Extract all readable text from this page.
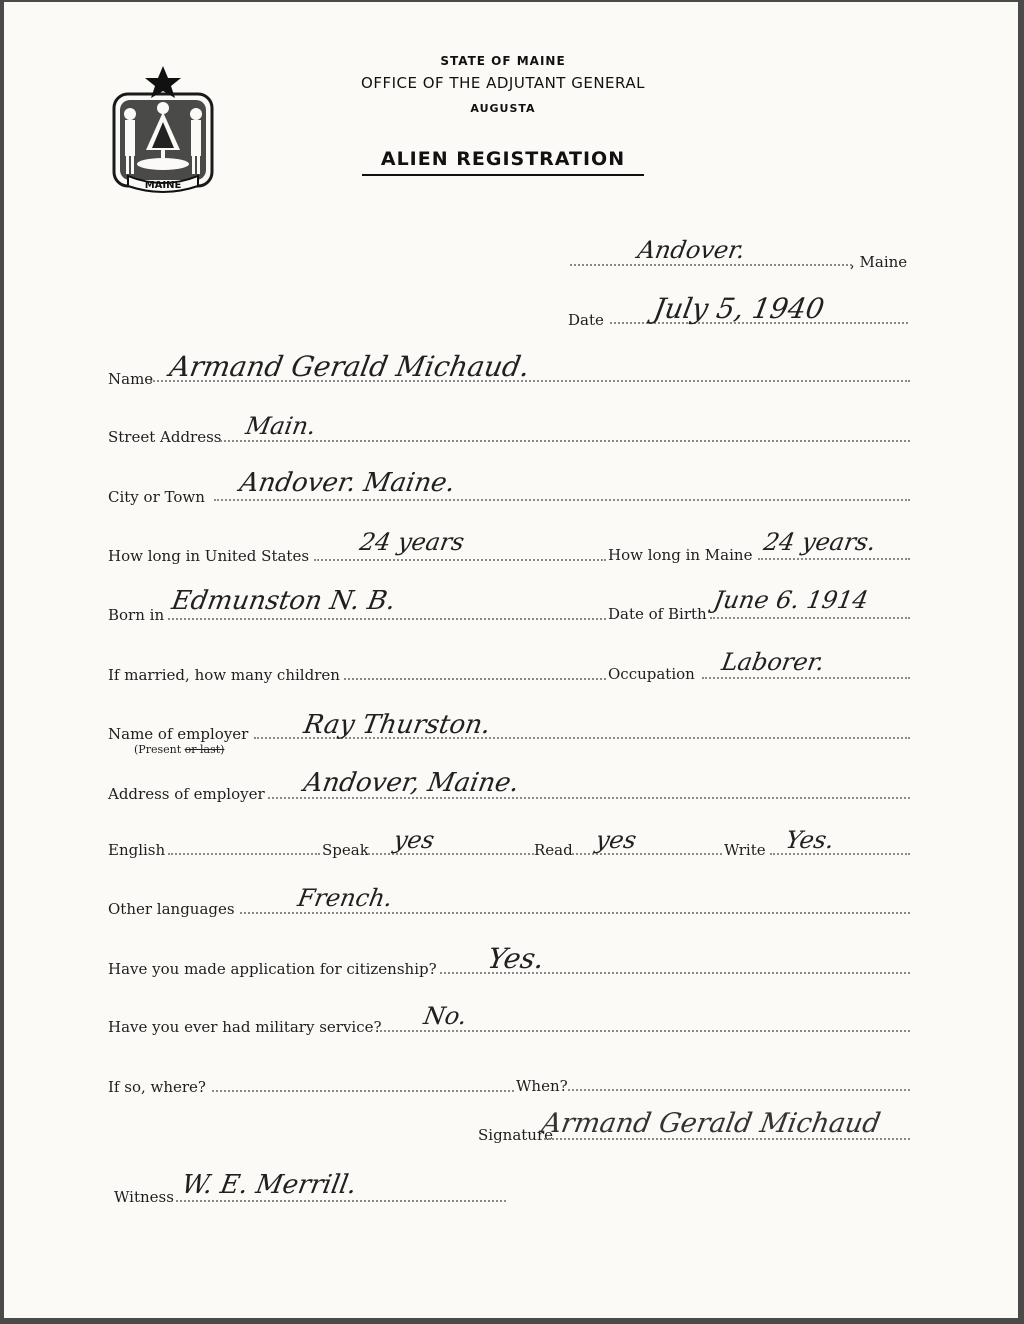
MAINE
STATE OF MAINE
OFFICE OF THE ADJUTANT GENERAL
AUGUSTA
ALIEN REGISTRATION
Andover.	, Maine
Date July 5, 1940
Name Armand Gerald Michaud.
Street Address Main.
City or Town Andover. Maine.
How long in United States 24 years	How long in Maine 24 years.
Born in Edmunston N. B.	Date of Birth June 6. 1914
If married, how many children	Occupation Laborer.
Name of employer
(Present or last)
Ray Thurston.
Address of employer Andover, Maine.
English	Speak yes	Read yes	Write Yes.
Other languages	French.
Have you made application for citizenship? Yes.
Have you ever had military service? No.
If so, where?	When?
Signature
Armand Gerald Michaud
Witness W. E. Merrill.
